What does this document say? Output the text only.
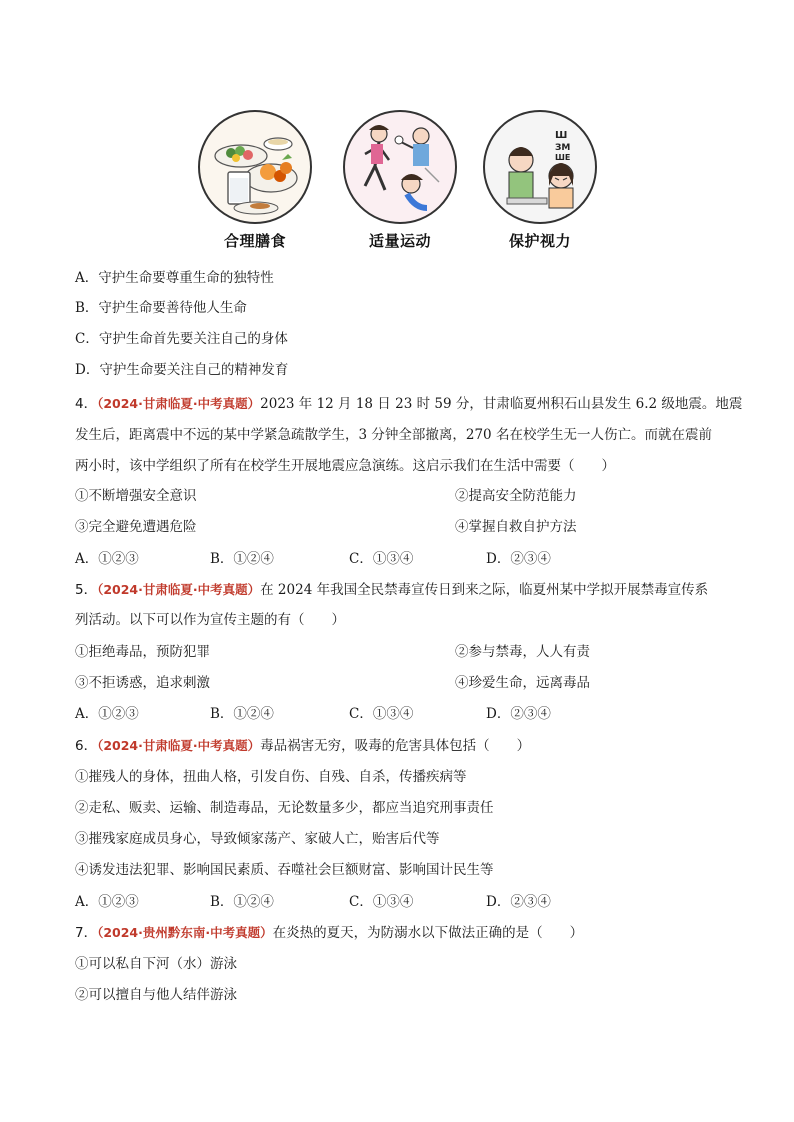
合理膳食	适量运动
Ш
ЗМ
ШЕ
保护视力
A．守护生命要尊重生命的独特性
B．守护生命要善待他人生命
C．守护生命首先要关注自己的身体
D．守护生命要关注自己的精神发育
4．（2024·甘肃临夏·中考真题）2023 年 12 月 18 日 23 时 59 分，甘肃临夏州积石山县发生 6.2 级地震。地震
发生后，距离震中不远的某中学紧急疏散学生，3 分钟全部撤离，270 名在校学生无一人伤亡。而就在震前
两小时，该中学组织了所有在校学生开展地震应急演练。这启示我们在生活中需要（　　）
①不断增强安全意识	②提高安全防范能力
③完全避免遭遇危险	④掌握自救自护方法
A．①②③	B．①②④	C．①③④	D．②③④
5．（2024·甘肃临夏·中考真题）在 2024 年我国全民禁毒宣传日到来之际，临夏州某中学拟开展禁毒宣传系
列活动。以下可以作为宣传主题的有（　　）
①拒绝毒品，预防犯罪	②参与禁毒，人人有责
③不拒诱惑，追求刺激	④珍爱生命，远离毒品
A．①②③	B．①②④	C．①③④	D．②③④
6．（2024·甘肃临夏·中考真题）毒品祸害无穷，吸毒的危害具体包括（　　）
①摧残人的身体，扭曲人格，引发自伤、自残、自杀，传播疾病等
②走私、贩卖、运输、制造毒品，无论数量多少，都应当追究刑事责任
③摧残家庭成员身心，导致倾家荡产、家破人亡，贻害后代等
④诱发违法犯罪、影响国民素质、吞噬社会巨额财富、影响国计民生等
A．①②③	B．①②④	C．①③④	D．②③④
7．（2024·贵州黔东南·中考真题）在炎热的夏天，为防溺水以下做法正确的是（　　）
①可以私自下河（水）游泳
②可以擅自与他人结伴游泳
